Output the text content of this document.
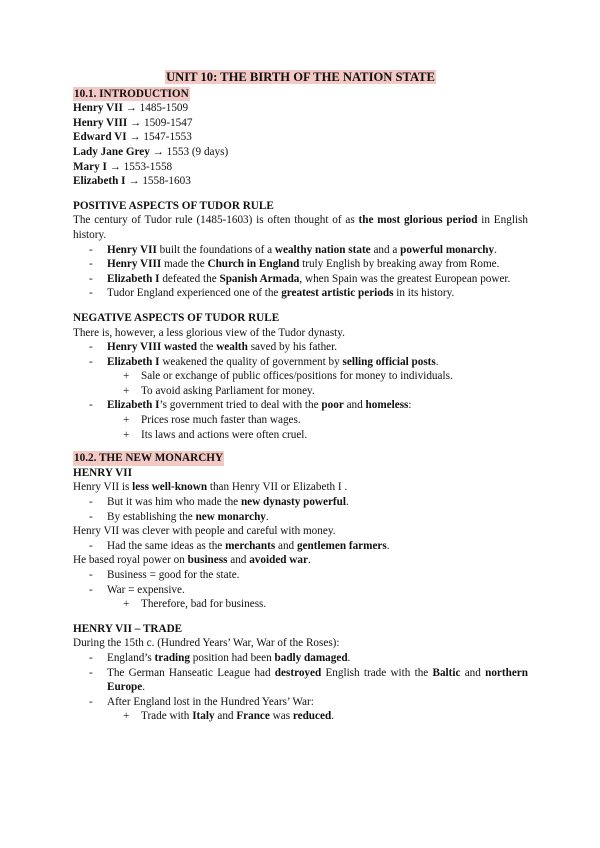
UNIT 10: THE BIRTH OF THE NATION STATE
10.1. INTRODUCTION
Henry VII → 1485-1509
Henry VIII → 1509-1547
Edward VI → 1547-1553
Lady Jane Grey → 1553 (9 days)
Mary I → 1553-1558
Elizabeth I → 1558-1603
POSITIVE ASPECTS OF TUDOR RULE

The century of Tudor rule (1485-1603) is often thought of as the most glorious period in English history.

- Henry VII built the foundations of a wealthy nation state and a powerful monarchy.
- Henry VIII made the Church in England truly English by breaking away from Rome.
- Elizabeth I defeated the Spanish Armada, when Spain was the greatest European power.
- Tudor England experienced one of the greatest artistic periods in its history.
NEGATIVE ASPECTS OF TUDOR RULE

There is, however, a less glorious view of the Tudor dynasty.

- Henry VIII wasted the wealth saved by his father.
- Elizabeth I weakened the quality of government by selling official posts.
+ Sale or exchange of public offices/positions for money to individuals.
+ To avoid asking Parliament for money.
- Elizabeth I’s government tried to deal with the poor and homeless:
+ Prices rose much faster than wages.
+ Its laws and actions were often cruel.
10.2. THE NEW MONARCHY
HENRY VII

Henry VII is less well-known than Henry VII or Elizabeth I .

- But it was him who made the new dynasty powerful.
- By establishing the new monarchy.

Henry VII was clever with people and careful with money.

- Had the same ideas as the merchants and gentlemen farmers.

He based royal power on business and avoided war.

- Business = good for the state.
- War = expensive.
+ Therefore, bad for business.
HENRY VII – TRADE

During the 15th c. (Hundred Years’ War, War of the Roses):

- England’s trading position had been badly damaged.
- The German Hanseatic League had destroyed English trade with the Baltic and northern Europe.
- After England lost in the Hundred Years’ War:
+ Trade with Italy and France was reduced.
